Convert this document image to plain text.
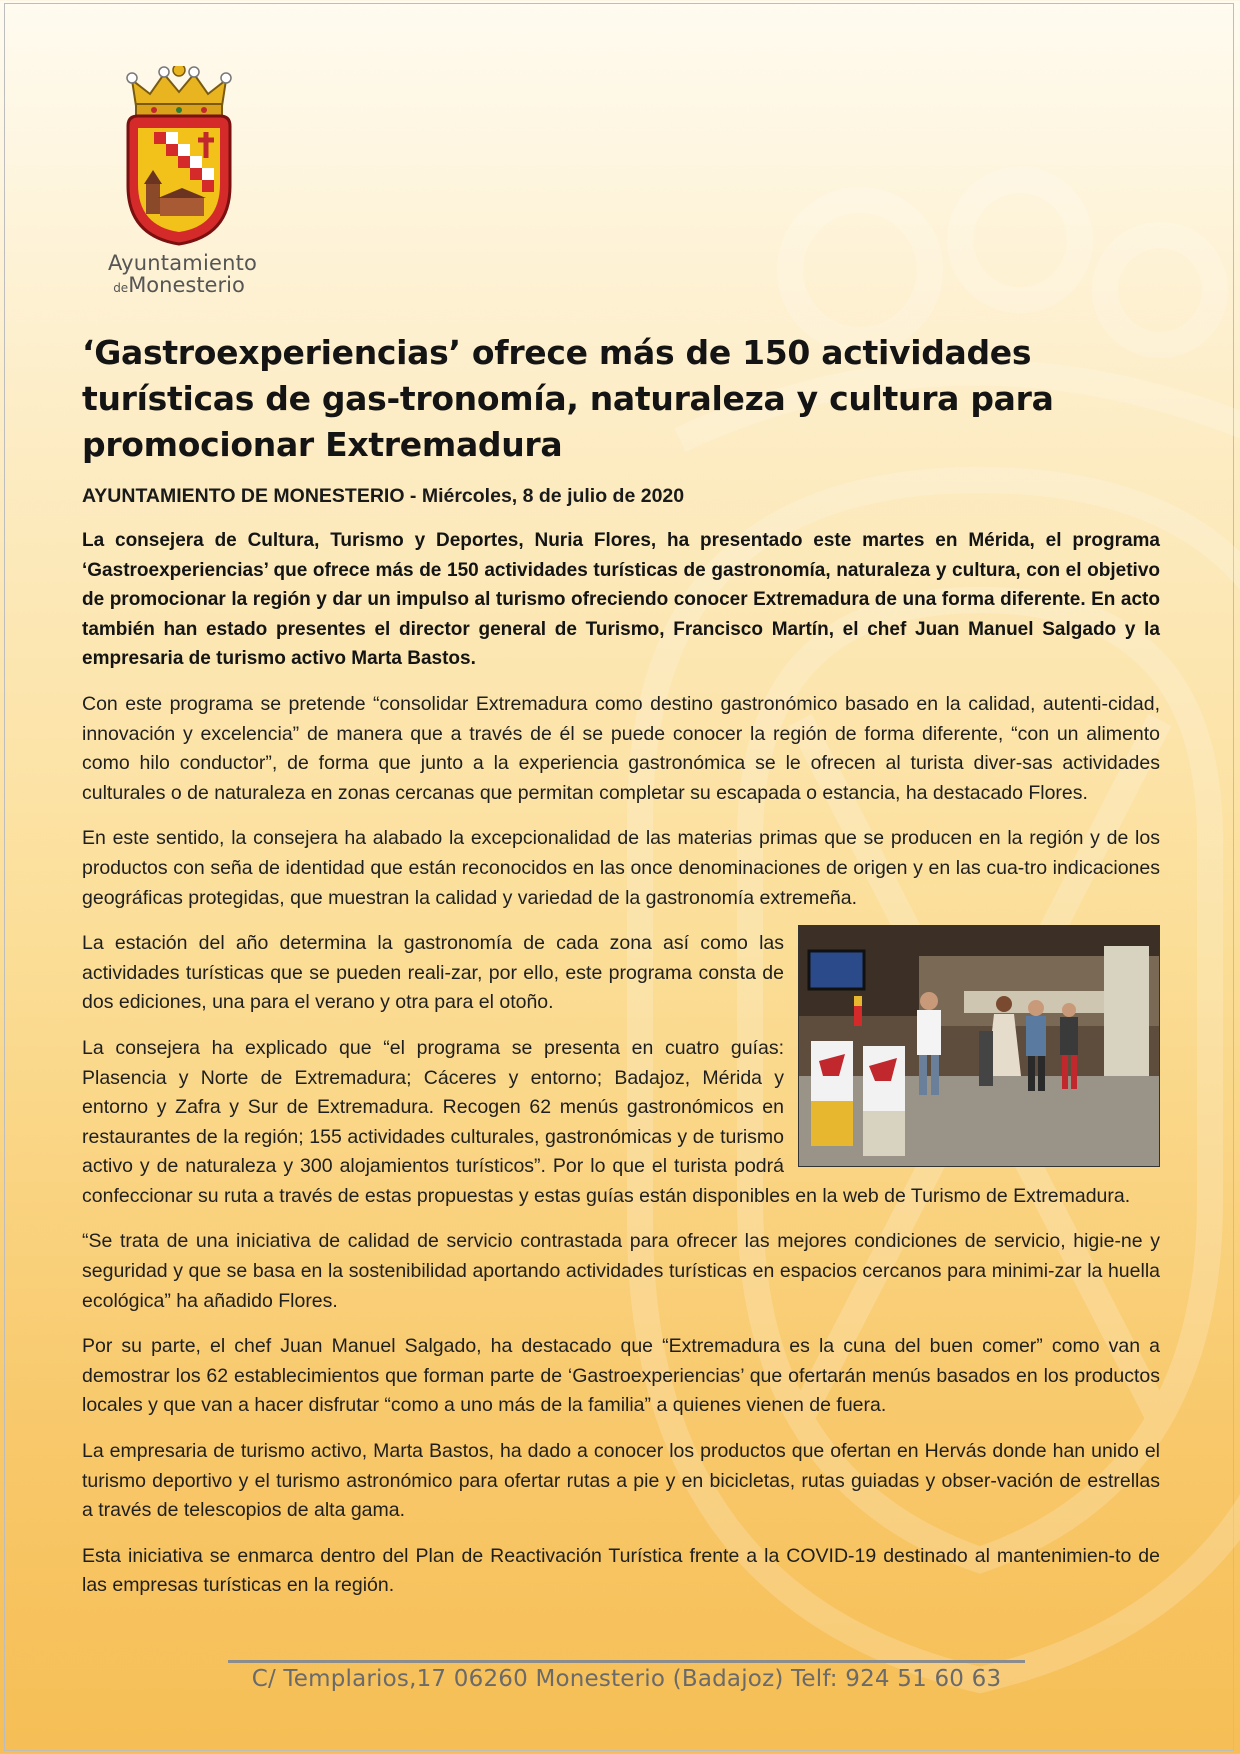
Ayuntamiento
deMonesterio
‘Gastroexperiencias’ ofrece más de 150 actividades turísticas de gas-tronomía, naturaleza y cultura para promocionar Extremadura
AYUNTAMIENTO DE MONESTERIO - Miércoles, 8 de julio de 2020

La consejera de Cultura, Turismo y Deportes, Nuria Flores, ha presentado este martes en Mérida, el programa ‘Gastroexperiencias’ que ofrece más de 150 actividades turísticas de gastronomía, naturaleza y cultura, con el objetivo de promocionar la región y dar un impulso al turismo ofreciendo conocer Extremadura de una forma diferente. En acto también han estado presentes el director general de Turismo, Francisco Martín, el chef Juan Manuel Salgado y la empresaria de turismo activo Marta Bastos.

Con este programa se pretende “consolidar Extremadura como destino gastronómico basado en la calidad, autenti-cidad, innovación y excelencia” de manera que a través de él se puede conocer la región de forma diferente, “con un alimento como hilo conductor”, de forma que junto a la experiencia gastronómica se le ofrecen al turista diver-sas actividades culturales o de naturaleza en zonas cercanas que permitan completar su escapada o estancia, ha destacado Flores.

En este sentido, la consejera ha alabado la excepcionalidad de las materias primas que se producen en la región y de los productos con seña de identidad que están reconocidos en las once denominaciones de origen y en las cua-tro indicaciones geográficas protegidas, que muestran la calidad y variedad de la gastronomía extremeña.

La estación del año determina la gastronomía de cada zona así como las actividades turísticas que se pueden reali-zar, por ello, este programa consta de dos ediciones, una para el verano y otra para el otoño.

La consejera ha explicado que “el programa se presenta en cuatro guías: Plasencia y Norte de Extremadura; Cáceres y entorno; Badajoz, Mérida y entorno y Zafra y Sur de Extremadura. Recogen 62 menús gastronómicos en restaurantes de la región; 155 actividades culturales, gastronómicas y de turismo activo y de naturaleza y 300 alojamientos turísticos”. Por lo que el turista podrá confeccionar su ruta a través de estas propuestas y estas guías están disponibles en la web de Turismo de Extremadura.

“Se trata de una iniciativa de calidad de servicio contrastada para ofrecer las mejores condiciones de servicio, higie-ne y seguridad y que se basa en la sostenibilidad aportando actividades turísticas en espacios cercanos para minimi-zar la huella ecológica” ha añadido Flores.

Por su parte, el chef Juan Manuel Salgado, ha destacado que “Extremadura es la cuna del buen comer” como van a demostrar los 62 establecimientos que forman parte de ‘Gastroexperiencias’ que ofertarán menús basados en los productos locales y que van a hacer disfrutar “como a uno más de la familia” a quienes vienen de fuera.

La empresaria de turismo activo, Marta Bastos, ha dado a conocer los productos que ofertan en Hervás donde han unido el turismo deportivo y el turismo astronómico para ofertar rutas a pie y en bicicletas, rutas guiadas y obser-vación de estrellas a través de telescopios de alta gama.

Esta iniciativa se enmarca dentro del Plan de Reactivación Turística frente a la COVID-19 destinado al mantenimien-to de las empresas turísticas en la región.

C/ Templarios,17 06260 Monesterio (Badajoz) Telf: 924 51 60 63
